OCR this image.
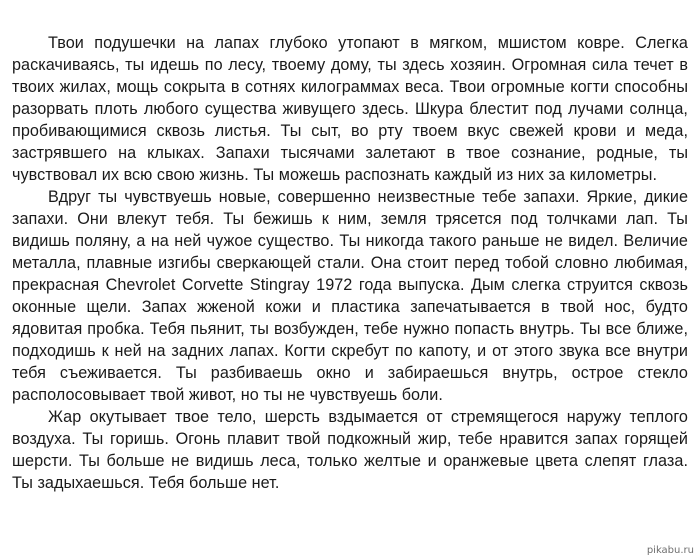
Твои подушечки на лапах глубоко утопают в мягком, мшистом ковре. Слегка раскачиваясь, ты идешь по лесу, твоему дому, ты здесь хозяин. Огромная сила течет в твоих жилах, мощь сокрыта в сотнях килограммах веса. Твои огромные когти способны разорвать плоть любого существа живущего здесь. Шкура блестит под лучами солнца, пробивающимися сквозь листья. Ты сыт, во рту твоем вкус свежей крови и меда, застрявшего на клыках. Запахи тысячами залетают в твое сознание, родные, ты чувствовал их всю свою жизнь. Ты можешь распознать каждый из них за километры.

Вдруг ты чувствуешь новые, совершенно неизвестные тебе запахи. Яркие, дикие запахи. Они влекут тебя. Ты бежишь к ним, земля трясется под толчками лап. Ты видишь поляну, а на ней чужое существо. Ты никогда такого раньше не видел. Величие металла, плавные изгибы сверкающей стали. Она стоит перед тобой словно любимая, прекрасная Chevrolet Corvette Stingray 1972 года выпуска. Дым слегка струится сквозь оконные щели. Запах жженой кожи и пластика запечатывается в твой нос, будто ядовитая пробка. Тебя пьянит, ты возбужден, тебе нужно попасть внутрь. Ты все ближе, подходишь к ней на задних лапах. Когти скребут по капоту, и от этого звука все внутри тебя съеживается. Ты разбиваешь окно и забираешься внутрь, острое стекло располосовывает твой живот, но ты не чувствуешь боли.

Жар окутывает твое тело, шерсть вздымается от стремящегося наружу теплого воздуха. Ты горишь. Огонь плавит твой подкожный жир, тебе нравится запах горящей шерсти. Ты больше не видишь леса, только желтые и оранжевые цвета слепят глаза. Ты задыхаешься. Тебя больше нет.

pikabu.ru
